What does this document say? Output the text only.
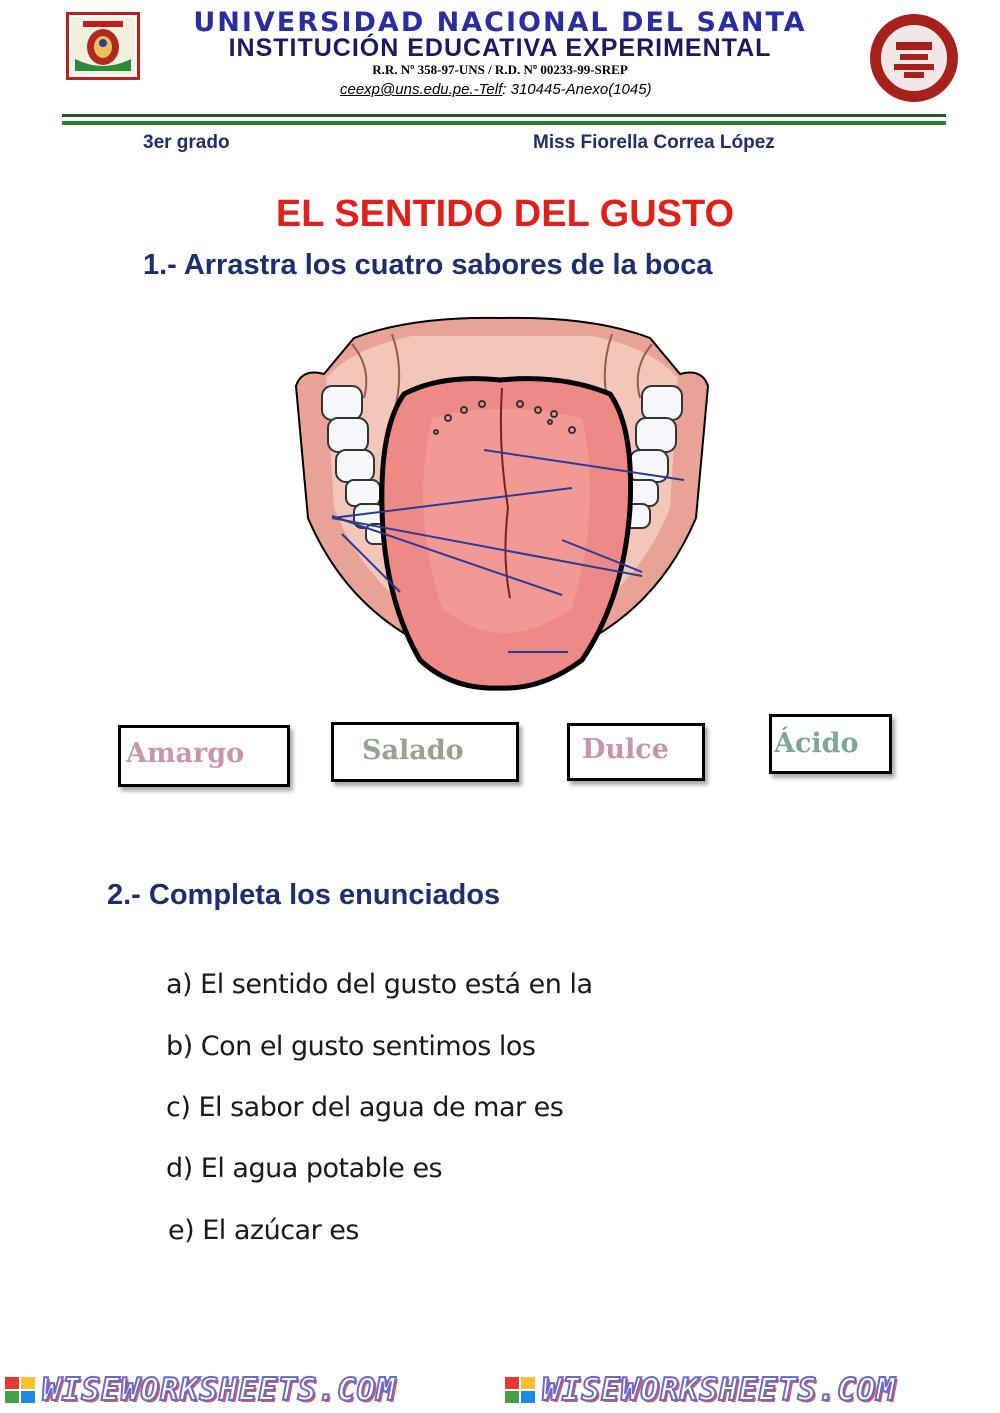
UNIVERSIDAD NACIONAL DEL SANTA
INSTITUCIÓN EDUCATIVA EXPERIMENTAL
R.R. Nº 358-97-UNS / R.D. Nº 00233-99-SREP
ceexp@uns.edu.pe.-Telf: 310445-Anexo(1045)
3er grado	Miss Fiorella Correa López
EL SENTIDO DEL GUSTO
1.- Arrastra los cuatro sabores de la boca
Amargo	Salado	Dulce	Ácido
2.- Completa los enunciados
a) El sentido del gusto está en la
b) Con el gusto sentimos los
c) El sabor del agua de mar es
d) El agua potable es
e) El azúcar es
WISEWORKSHEETS.COM	WISEWORKSHEETS.COM
